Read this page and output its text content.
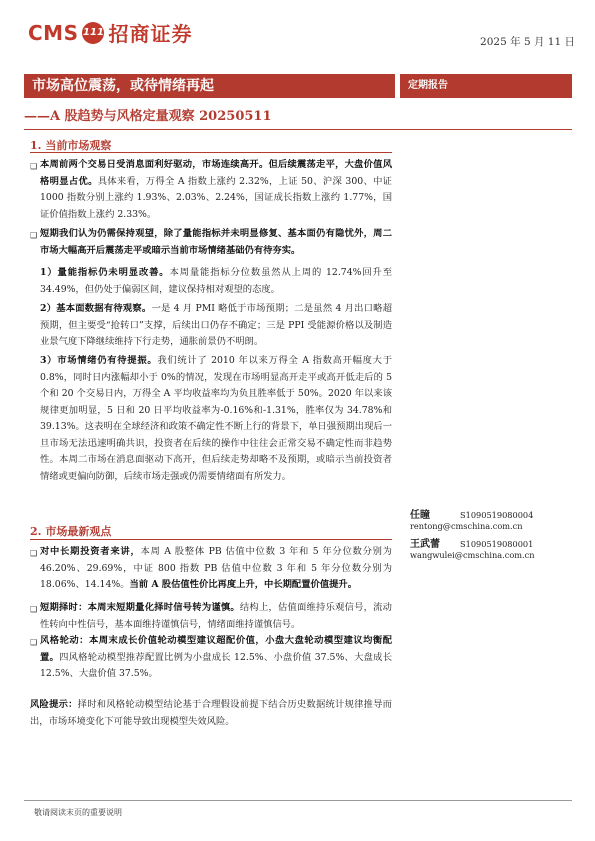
CMS 111 招商证券	2025 年 5 月 11 日
市场高位震荡，或待情绪再起	定期报告
——A 股趋势与风格定量观察 20250511
1. 当前市场观察
❑ 本周前两个交易日受消息面利好驱动，市场连续高开。但后续震荡走平，大盘价值风格明显占优。具体来看，万得全 A 指数上涨约 2.32%，上证 50、沪深 300、中证 1000 指数分别上涨约 1.93%、2.03%、2.24%，国证成长指数上涨约 1.77%，国证价值指数上涨约 2.33%。
❑ 短期我们认为仍需保持观望，除了量能指标并未明显修复、基本面仍有隐忧外，周二市场大幅高开后震荡走平或暗示当前市场情绪基础仍有待夯实。
1）量能指标仍未明显改善。本周量能指标分位数虽然从上周的 12.74%回升至 34.49%，但仍处于偏弱区间，建议保持相对观望的态度。
2）基本面数据有待观察。一是 4 月 PMI 略低于市场预期；二是虽然 4 月出口略超预期，但主要受“抢转口”支撑，后续出口仍存不确定；三是 PPI 受能源价格以及制造业景气度下降继续维持下行走势，通胀前景仍不明朗。
3）市场情绪仍有待提振。我们统计了 2010 年以来万得全 A 指数高开幅度大于 0.8%，同时日内涨幅却小于 0%的情况，发现在市场明显高开走平或高开低走后的 5 个和 20 个交易日内，万得全 A 平均收益率均为负且胜率低于 50%。2020 年以来该规律更加明显，5 日和 20 日平均收益率为-0.16%和-1.31%，胜率仅为 34.78%和 39.13%。这表明在全球经济和政策不确定性不断上行的背景下，单日强预期出现后一旦市场无法迅速明确共识，投资者在后续的操作中往往会正常交易不确定性而非趋势性。本周二市场在消息面驱动下高开，但后续走势却略不及预期，或暗示当前投资者情绪或更偏向防御，后续市场走强或仍需要情绪面有所发力。
任瞳	S1090519080004
rentong@cmschina.com.cn
王武蕾 S1090519080001
wangwulei@cmschina.com.cn
2. 市场最新观点
❑ 对中长期投资者来讲，本周 A 股整体 PB 估值中位数 3 年和 5 年分位数分别为 46.20%、29.69%，中证 800 指数 PB 估值中位数 3 年和 5 年分位数分别为 18.06%、14.14%。当前 A 股估值性价比再度上升，中长期配置价值提升。
❑ 短期择时：本周末短期量化择时信号转为谨慎。结构上，估值面维持乐观信号，流动性转向中性信号，基本面维持谨慎信号，情绪面维持谨慎信号。
❑ 风格轮动：本周末成长价值轮动模型建议超配价值，小盘大盘轮动模型建议均衡配置。四风格轮动模型推荐配置比例为小盘成长 12.5%、小盘价值 37.5%、大盘成长 12.5%、大盘价值 37.5%。
风险提示：择时和风格轮动模型结论基于合理假设前提下结合历史数据统计规律推导而出，市场环境变化下可能导致出现模型失效风险。
敬请阅读末页的重要说明
